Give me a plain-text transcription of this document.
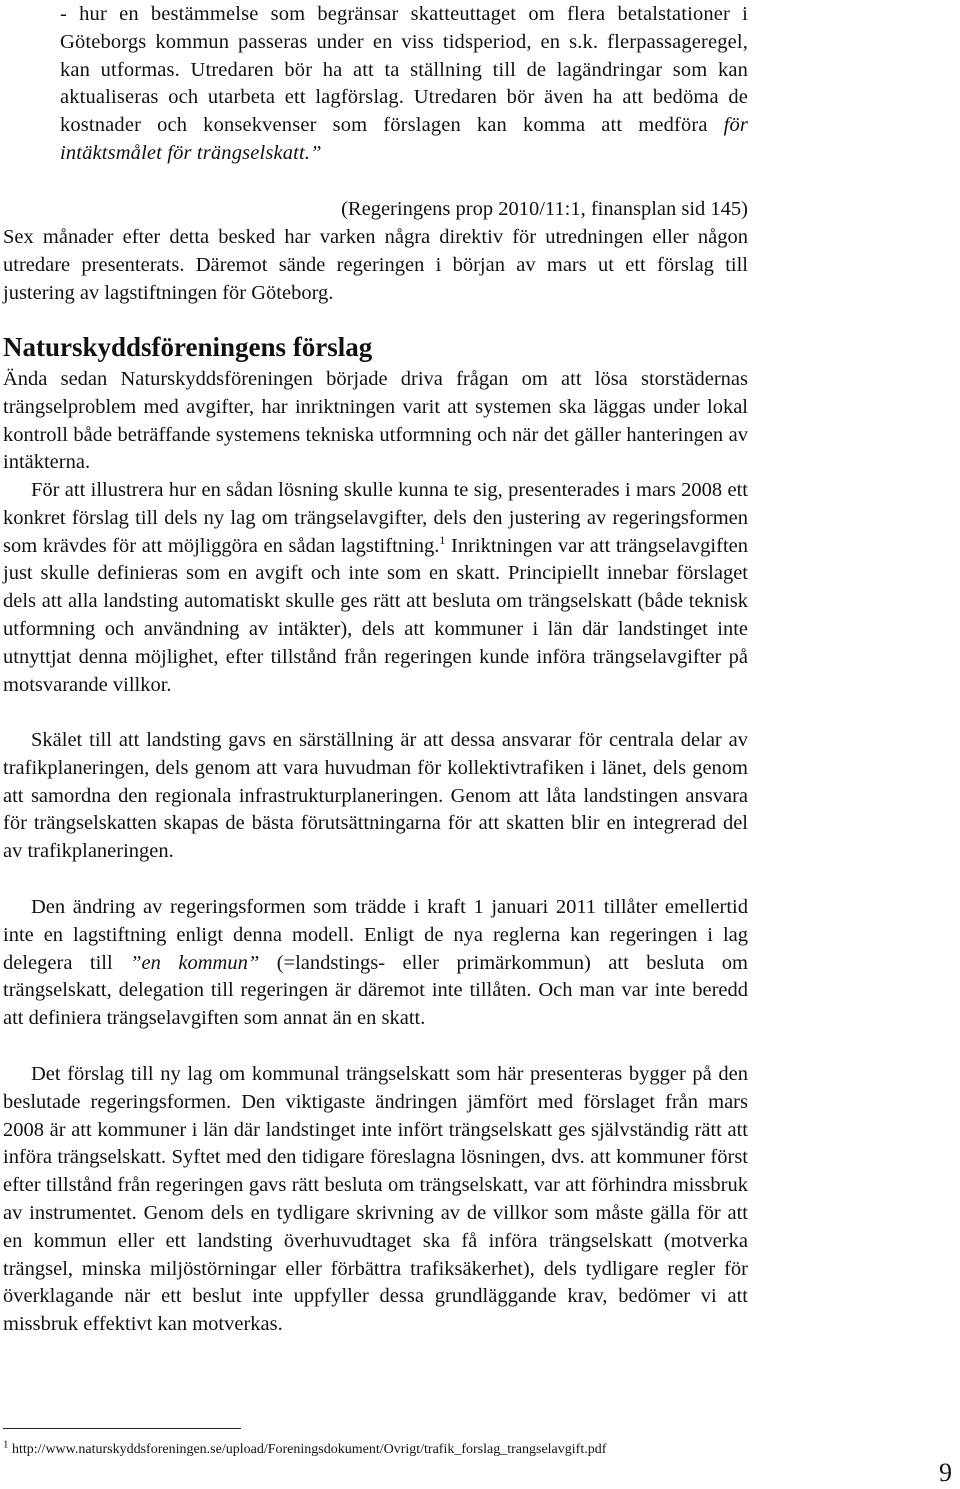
- hur en bestämmelse som begränsar skatteuttaget om flera betalstationer i Göteborgs kommun passeras under en viss tidsperiod, en s.k. flerpassageregel, kan utformas. Utredaren bör ha att ta ställning till de lagändringar som kan aktualiseras och utarbeta ett lagförslag. Utredaren bör även ha att bedöma de kostnader och konsekvenser som förslagen kan komma att medföra för intäktsmålet för trängselskatt.”

(Regeringens prop 2010/11:1, finansplan sid 145)

Sex månader efter detta besked har varken några direktiv för utredningen eller någon utredare presenterats. Däremot sände regeringen i början av mars ut ett förslag till justering av lagstiftningen för Göteborg.

Naturskyddsföreningens förslag

Ända sedan Naturskyddsföreningen började driva frågan om att lösa storstädernas trängselproblem med avgifter, har inriktningen varit att systemen ska läggas under lokal kontroll både beträffande systemens tekniska utformning och när det gäller hanteringen av intäkterna.

För att illustrera hur en sådan lösning skulle kunna te sig, presenterades i mars 2008 ett konkret förslag till dels ny lag om trängselavgifter, dels den justering av regeringsformen som krävdes för att möjliggöra en sådan lagstiftning.$^1$ Inriktningen var att trängselavgiften just skulle definieras som en avgift och inte som en skatt. Principiellt innebar förslaget dels att alla landsting automatiskt skulle ges rätt att besluta om trängselskatt (både teknisk utformning och användning av intäkter), dels att kommuner i län där landstinget inte utnyttjat denna möjlighet, efter tillstånd från regeringen kunde införa trängselavgifter på motsvarande villkor.

Skälet till att landsting gavs en särställning är att dessa ansvarar för centrala delar av trafikplaneringen, dels genom att vara huvudman för kollektivtrafiken i länet, dels genom att samordna den regionala infrastrukturplaneringen. Genom att låta landstingen ansvara för trängselskatten skapas de bästa förutsättningarna för att skatten blir en integrerad del av trafikplaneringen.

Den ändring av regeringsformen som trädde i kraft 1 januari 2011 tillåter emellertid inte en lagstiftning enligt denna modell. Enligt de nya reglerna kan regeringen i lag delegera till ”en kommun” (=landstings- eller primärkommun) att besluta om trängselskatt, delegation till regeringen är däremot inte tillåten. Och man var inte beredd att definiera trängselavgiften som annat än en skatt.

Det förslag till ny lag om kommunal trängselskatt som här presenteras bygger på den beslutade regeringsformen. Den viktigaste ändringen jämfört med förslaget från mars 2008 är att kommuner i län där landstinget inte infört trängselskatt ges självständig rätt att införa trängselskatt. Syftet med den tidigare föreslagna lösningen, dvs. att kommuner först efter tillstånd från regeringen gavs rätt besluta om trängselskatt, var att förhindra missbruk av instrumentet. Genom dels en tydligare skrivning av de villkor som måste gälla för att en kommun eller ett landsting överhuvudtaget ska få införa trängselskatt (motverka trängsel, minska miljöstörningar eller förbättra trafiksäkerhet), dels tydligare regler för överklagande när ett beslut inte uppfyller dessa grundläggande krav, bedömer vi att missbruk effektivt kan motverkas.

$^1$ http://www.naturskyddsforeningen.se/upload/Foreningsdokument/Ovrigt/trafik_forslag_trangselavgift.pdf

9
